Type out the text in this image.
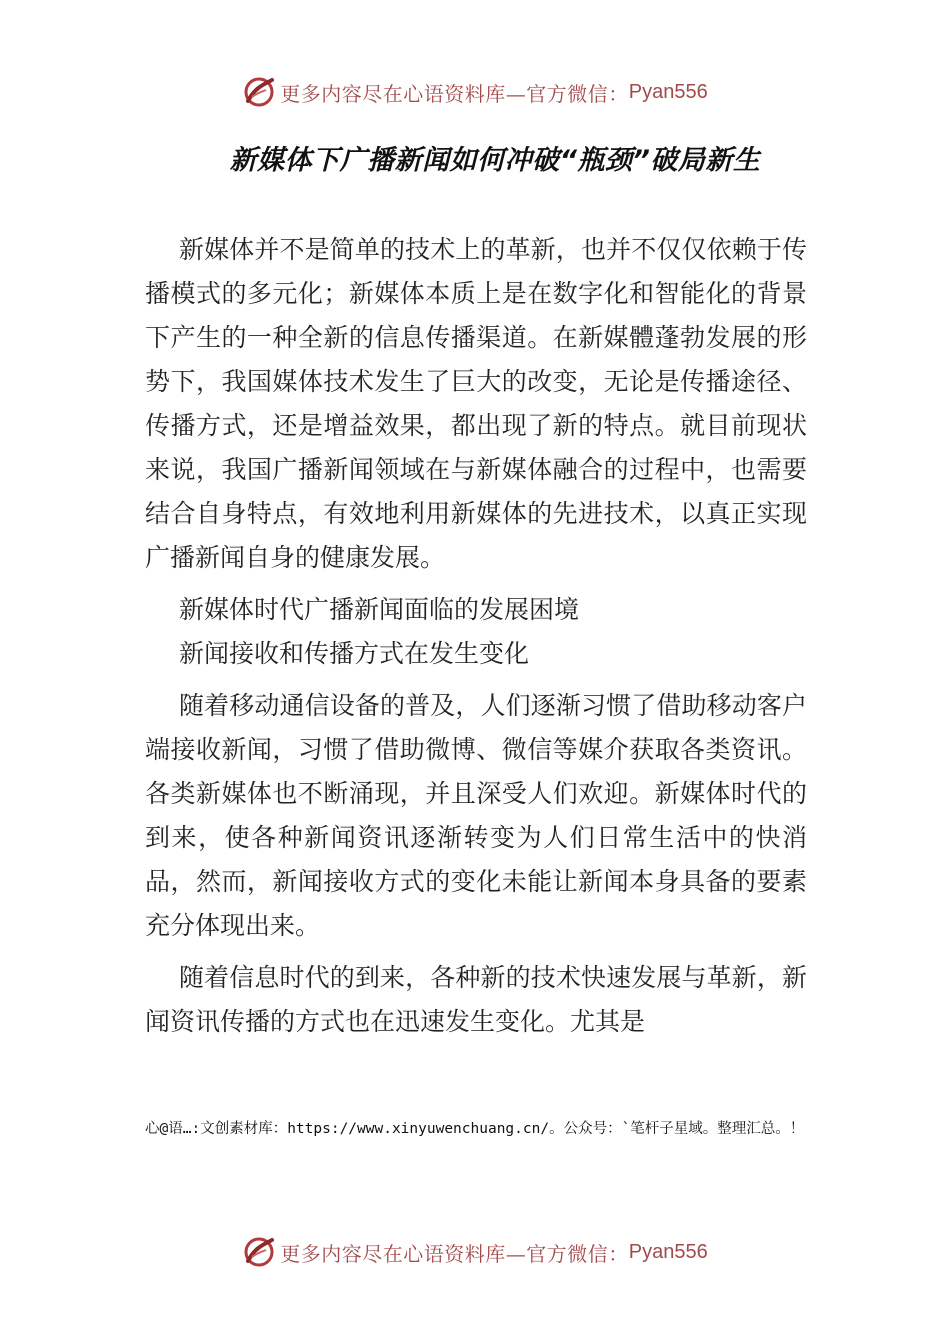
更多内容尽在心语资料库—官方微信： Pyan556
新媒体下广播新闻如何冲破“瓶颈”破局新生

新媒体并不是简单的技术上的革新，也并不仅仅依赖于传播模式的多元化；新媒体本质上是在数字化和智能化的背景下产生的一种全新的信息传播渠道。在新媒體蓬勃发展的形势下，我国媒体技术发生了巨大的改变，无论是传播途径、传播方式，还是增益效果，都出现了新的特点。就目前现状来说，我国广播新闻领域在与新媒体融合的过程中，也需要结合自身特点，有效地利用新媒体的先进技术，以真正实现广播新闻自身的健康发展。

新媒体时代广播新闻面临的发展困境

新闻接收和传播方式在发生变化

随着移动通信设备的普及，人们逐渐习惯了借助移动客户端接收新闻，习惯了借助微博、微信等媒介获取各类资讯。各类新媒体也不断涌现，并且深受人们欢迎。新媒体时代的到来，使各种新闻资讯逐渐转变为人们日常生活中的快消品，然而，新闻接收方式的变化未能让新闻本身具备的要素充分体现出来。

随着信息时代的到来，各种新的技术快速发展与革新，新闻资讯传播的方式也在迅速发生变化。尤其是

心@语…:文创素材库：https://www.xinyuwenchuang.cn/。公众号：`笔杆子星域。整理汇总。！
更多内容尽在心语资料库—官方微信： Pyan556
